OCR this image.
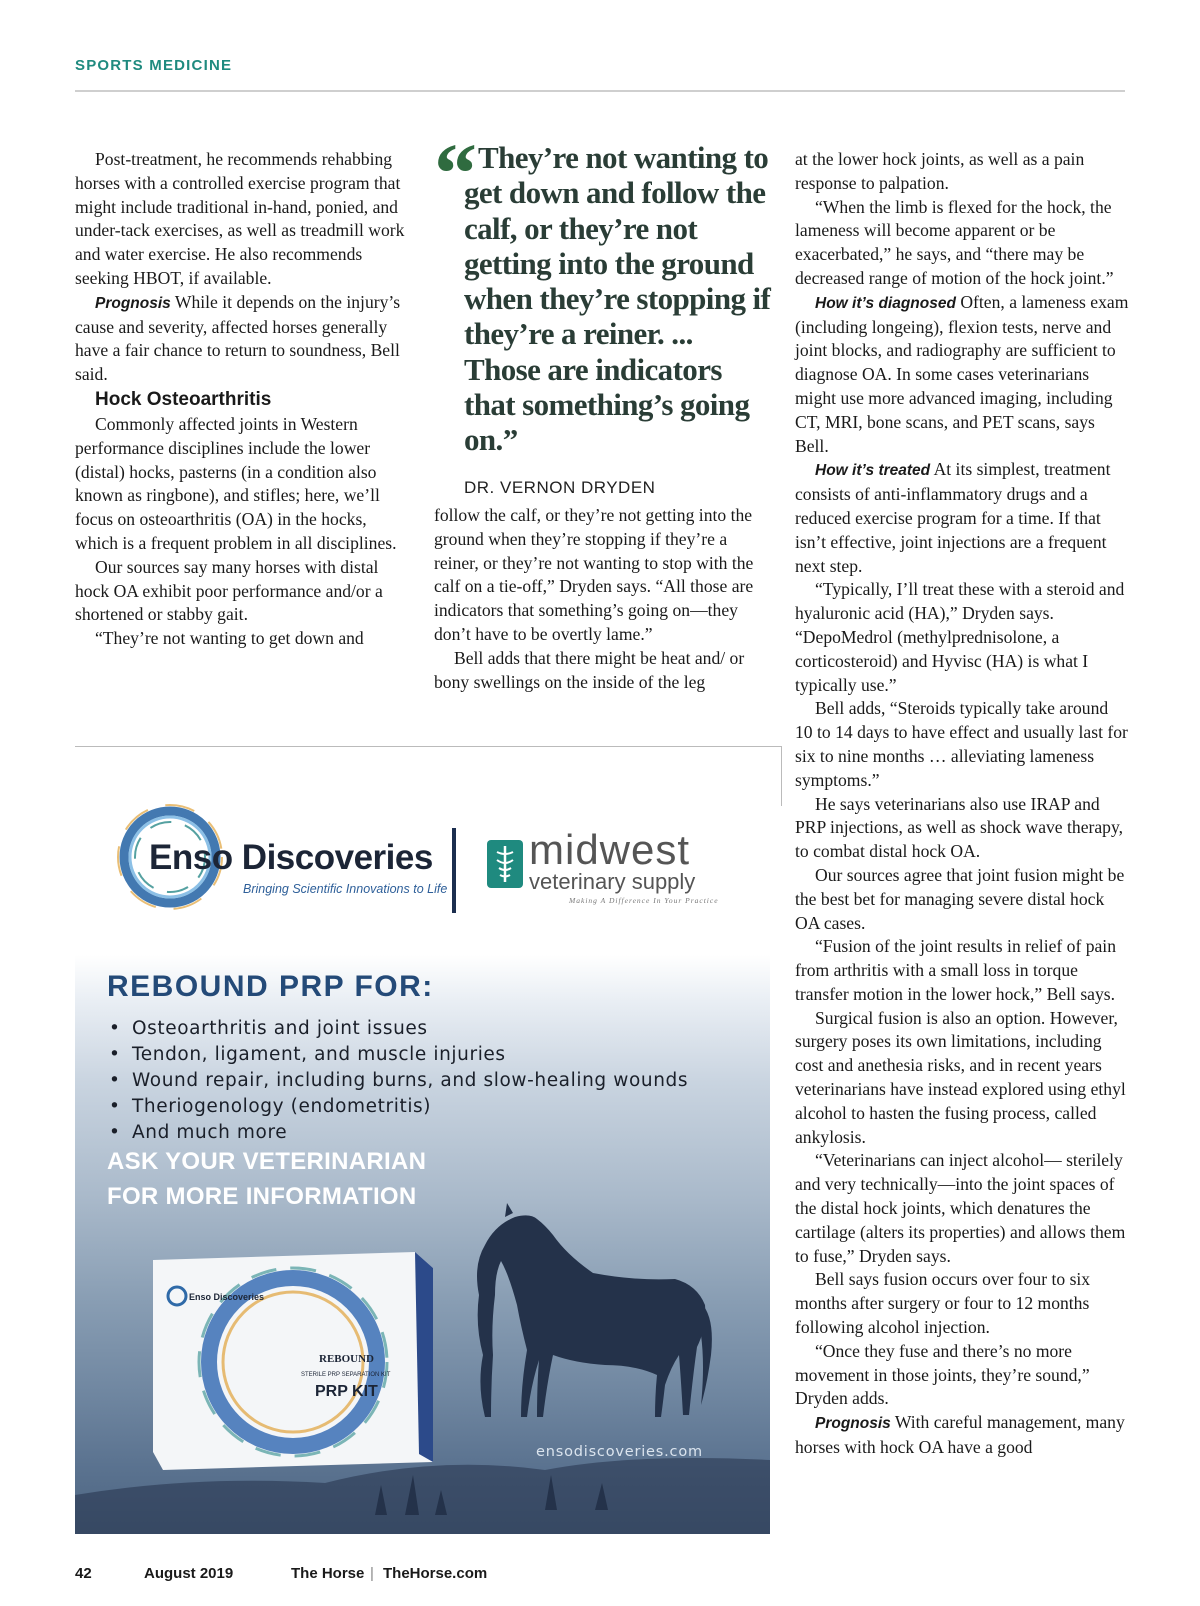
SPORTS MEDICINE

Post-treatment, he recommends rehabbing horses with a controlled exercise program that might include traditional in-hand, ponied, and under-tack exercises, as well as treadmill work and water exercise. He also recommends seeking HBOT, if available.

Prognosis While it depends on the injury’s cause and severity, affected horses generally have a fair chance to return to soundness, Bell said.

Hock Osteoarthritis

Commonly affected joints in Western performance disciplines include the lower (distal) hocks, pasterns (in a condition also known as ringbone), and stifles; here, we’ll focus on osteoarthritis (OA) in the hocks, which is a frequent problem in all disciplines.

Our sources say many horses with distal hock OA exhibit poor performance and/or a shortened or stabby gait.

“They’re not wanting to get down and

“ They’re not wanting to get down and follow the calf, or they’re not getting into the ground when they’re stopping if they’re a reiner. ... Those are indicators that something’s going on.”

DR. VERNON DRYDEN

follow the calf, or they’re not getting into the ground when they’re stopping if they’re a reiner, or they’re not wanting to stop with the calf on a tie-off,” Dryden says. “All those are indicators that something’s going on—they don’t have to be overtly lame.”

Bell adds that there might be heat and/ or bony swellings on the inside of the leg

at the lower hock joints, as well as a pain response to palpation.

“When the limb is flexed for the hock, the lameness will become apparent or be exacerbated,” he says, and “there may be decreased range of motion of the hock joint.”

How it’s diagnosed Often, a lameness exam (including longeing), flexion tests, nerve and joint blocks, and radiography are sufficient to diagnose OA. In some cases veterinarians might use more advanced imaging, including CT, MRI, bone scans, and PET scans, says Bell.

How it’s treated At its simplest, treatment consists of anti-inflammatory drugs and a reduced exercise program for a time. If that isn’t effective, joint injections are a frequent next step.

“Typically, I’ll treat these with a steroid and hyaluronic acid (HA),” Dryden says. “DepoMedrol (methylprednisolone, a corticosteroid) and Hyvisc (HA) is what I typically use.”

Bell adds, “Steroids typically take around 10 to 14 days to have effect and usually last for six to nine months … alleviating lameness symptoms.”

He says veterinarians also use IRAP and PRP injections, as well as shock wave therapy, to combat distal hock OA.

Our sources agree that joint fusion might be the best bet for managing severe distal hock OA cases.

“Fusion of the joint results in relief of pain from arthritis with a small loss in torque transfer motion in the lower hock,” Bell says.

Surgical fusion is also an option. However, surgery poses its own limitations, including cost and anethesia risks, and in recent years veterinarians have instead explored using ethyl alcohol to hasten the fusing process, called ankylosis.

“Veterinarians can inject alcohol— sterilely and very technically—into the joint spaces of the distal hock joints, which denatures the cartilage (alters its properties) and allows them to fuse,” Dryden says.

Bell says fusion occurs over four to six months after surgery or four to 12 months following alcohol injection.

“Once they fuse and there’s no more movement in those joints, they’re sound,” Dryden adds.

Prognosis With careful management, many horses with hock OA have a good

Enso Discoveries
Bringing Scientific Innovations to Life
midwest
veterinary supply
Making A Difference In Your Practice
Enso Discoveries
REBOUND
STERILE PRP SEPARATION KIT
PRP KIT
REBOUND PRP FOR:
• Osteoarthritis and joint issues
• Tendon, ligament, and muscle injuries
• Wound repair, including burns, and slow-healing wounds
• Theriogenology (endometritis)
• And much more
ASK YOUR VETERINARIAN
FOR MORE INFORMATION
ensodiscoveries.com
42	August 2019	The Horse | TheHorse.com
